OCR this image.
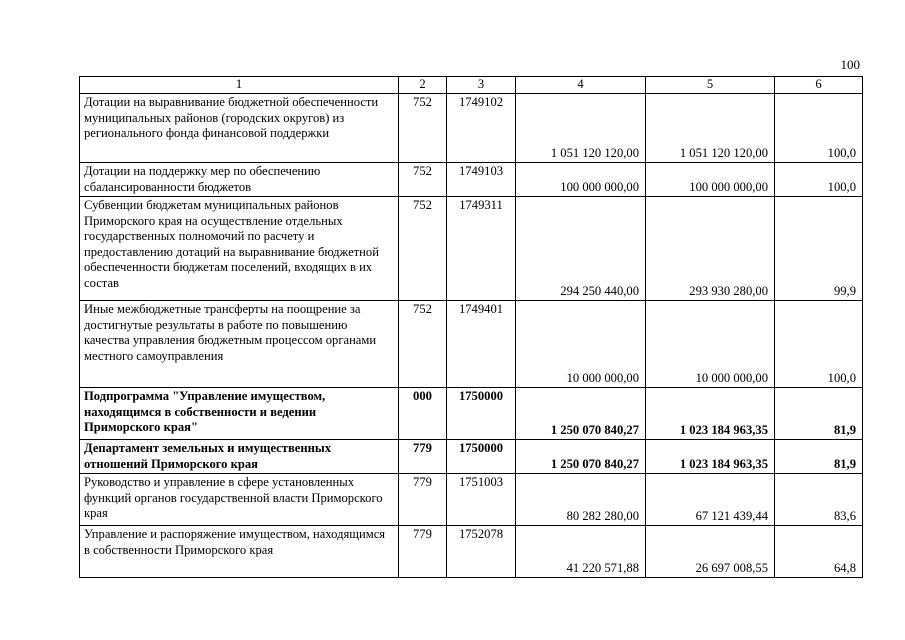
100
1	2	3	4	5	6
Дотации на выравнивание бюджетной обеспеченности муниципальных районов (городских округов) из регионального фонда финансовой поддержки	752	1749102	1 051 120 120,00	1 051 120 120,00	100,0
Дотации на поддержку мер по обеспечению сбалансированности бюджетов	752	1749103	100 000 000,00	100 000 000,00	100,0
Субвенции бюджетам муниципальных районов Приморского края на осуществление отдельных государственных полномочий по расчету и предоставлению дотаций на выравнивание бюджетной обеспеченности бюджетам поселений, входящих в их состав	752	1749311	294 250 440,00	293 930 280,00	99,9
Иные межбюджетные трансферты на поощрение за достигнутые результаты в работе по повышению качества управления бюджетным процессом органами местного самоуправления	752	1749401	10 000 000,00	10 000 000,00	100,0
Подпрограмма "Управление имуществом, находящимся в собственности и ведении Приморского края"	000	1750000	1 250 070 840,27	1 023 184 963,35	81,9
Департамент земельных и имущественных отношений Приморского края	779	1750000	1 250 070 840,27	1 023 184 963,35	81,9
Руководство и управление в сфере установленных функций органов государственной власти Приморского края	779	1751003	80 282 280,00	67 121 439,44	83,6
Управление и распоряжение имуществом, находящимся в собственности Приморского края	779	1752078	41 220 571,88	26 697 008,55	64,8
